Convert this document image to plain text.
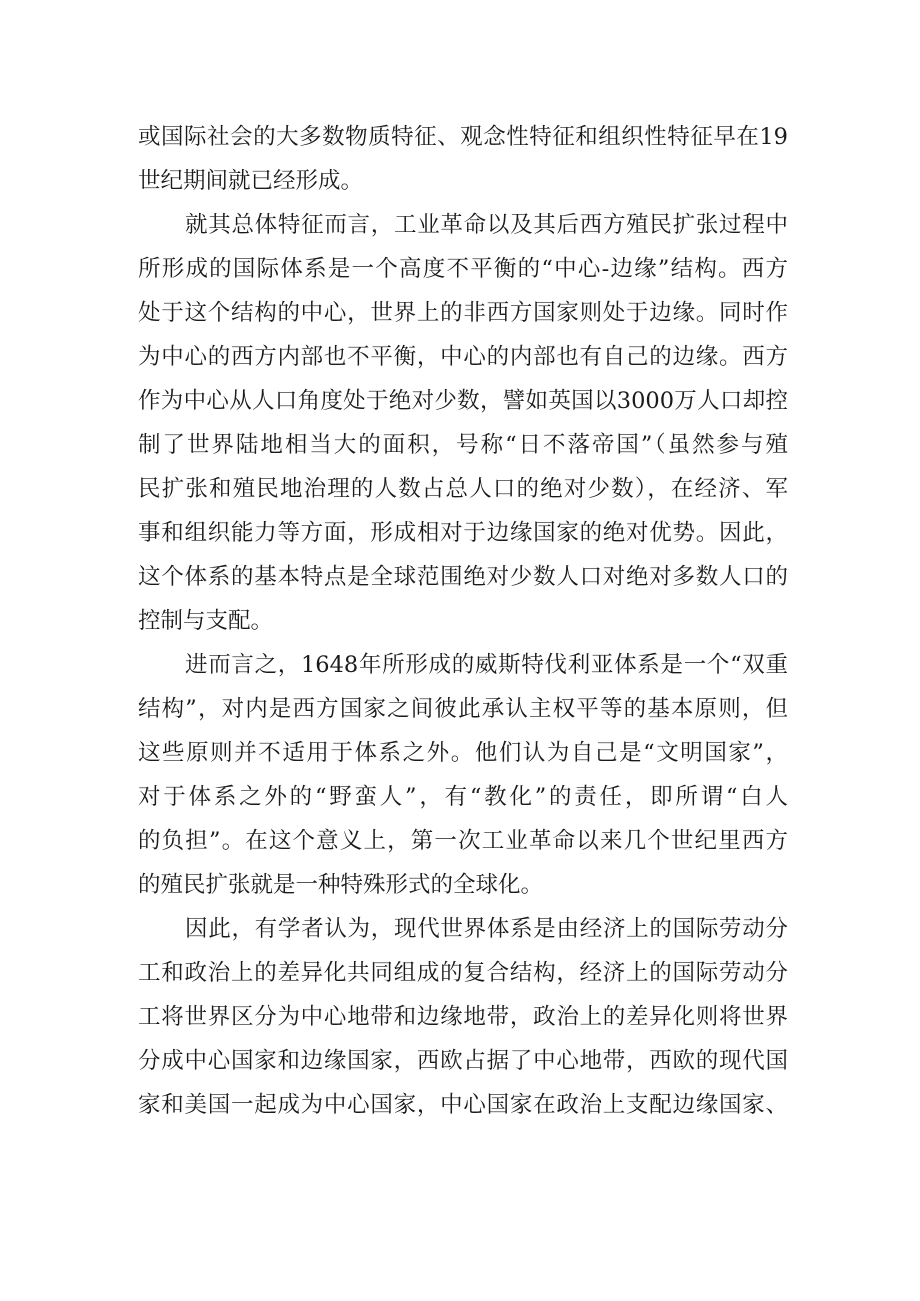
或国际社会的大多数物质特征、观念性特征和组织性特征早在19
世纪期间就已经形成。
就其总体特征而言，工业革命以及其后西方殖民扩张过程中
所形成的国际体系是一个高度不平衡的“中心-边缘”结构。西方
处于这个结构的中心，世界上的非西方国家则处于边缘。同时作
为中心的西方内部也不平衡，中心的内部也有自己的边缘。西方
作为中心从人口角度处于绝对少数，譬如英国以3000万人口却控
制了世界陆地相当大的面积，号称“日不落帝国”（虽然参与殖
民扩张和殖民地治理的人数占总人口的绝对少数），在经济、军
事和组织能力等方面，形成相对于边缘国家的绝对优势。因此，
这个体系的基本特点是全球范围绝对少数人口对绝对多数人口的
控制与支配。
进而言之，1648年所形成的威斯特伐利亚体系是一个“双重
结构”，对内是西方国家之间彼此承认主权平等的基本原则，但
这些原则并不适用于体系之外。他们认为自己是“文明国家”，
对于体系之外的“野蛮人”，有“教化”的责任，即所谓“白人
的负担”。在这个意义上，第一次工业革命以来几个世纪里西方
的殖民扩张就是一种特殊形式的全球化。
因此，有学者认为，现代世界体系是由经济上的国际劳动分
工和政治上的差异化共同组成的复合结构，经济上的国际劳动分
工将世界区分为中心地带和边缘地带，政治上的差异化则将世界
分成中心国家和边缘国家，西欧占据了中心地带，西欧的现代国
家和美国一起成为中心国家，中心国家在政治上支配边缘国家、
